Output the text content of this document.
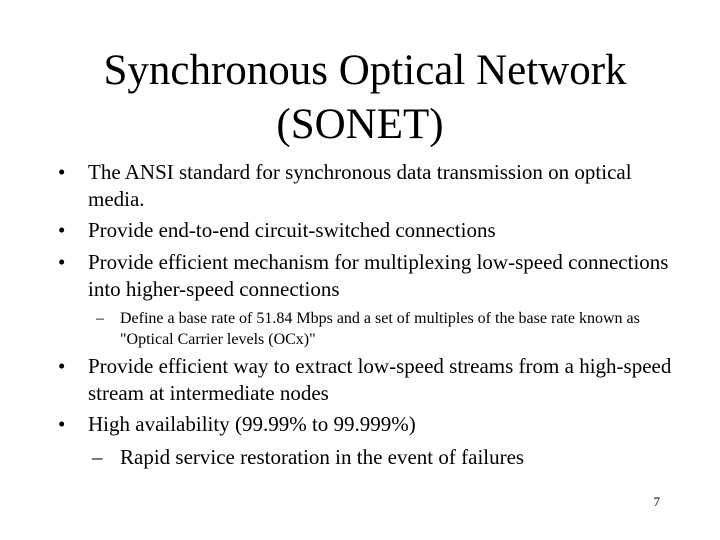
Synchronous Optical Network
(SONET)

• The ANSI standard for synchronous data transmission on optical media.

• Provide end-to-end circuit-switched connections

• Provide efficient mechanism for multiplexing low-speed connections into higher-speed connections

– Define a base rate of 51.84 Mbps and a set of multiples of the base rate known as "Optical Carrier levels (OCx)"

• Provide efficient way to extract low-speed streams from a high-speed stream at intermediate nodes

• High availability (99.99% to 99.999%)

– Rapid service restoration in the event of failures

7
